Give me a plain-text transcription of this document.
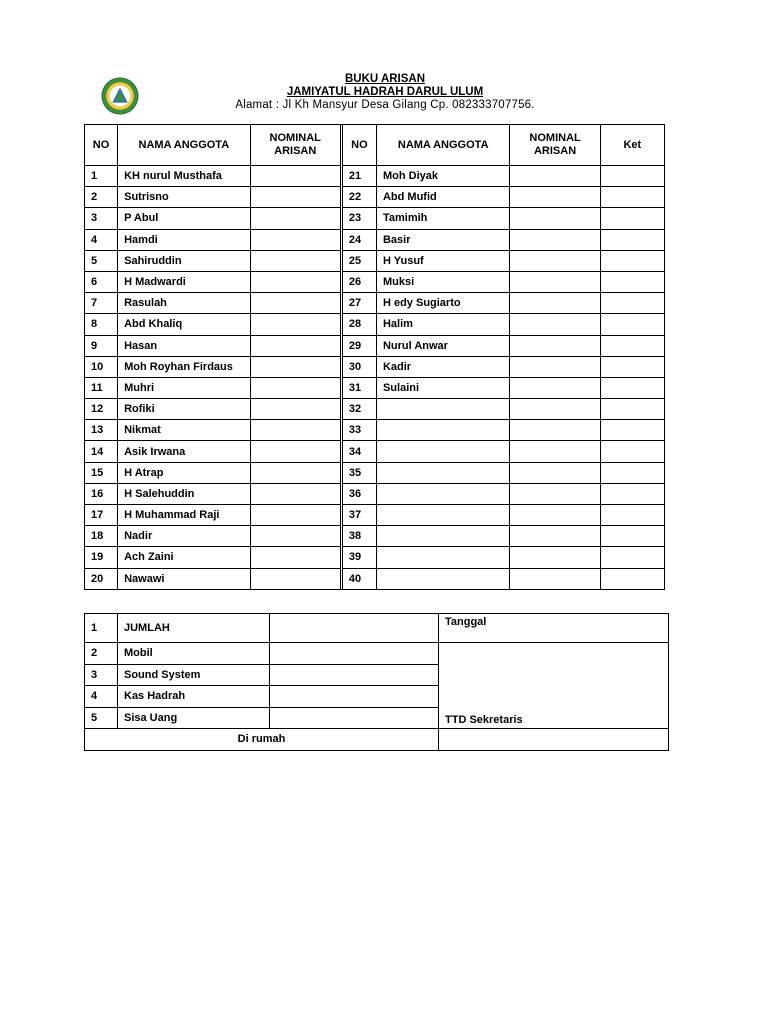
BUKU ARISAN
JAMIYATUL HADRAH DARUL ULUM
Alamat : Jl Kh Mansyur Desa Gilang Cp. 082333707756.
NO	NAMA ANGGOTA	NOMINAL ARISAN		NO	NAMA ANGGOTA	NOMINAL ARISAN	Ket
1	KH nurul Musthafa			21	Moh Diyak		
2	Sutrisno			22	Abd Mufid		
3	P Abul			23	Tamimih		
4	Hamdi			24	Basir		
5	Sahiruddin			25	H Yusuf		
6	H Madwardi			26	Muksi		
7	Rasulah			27	H edy Sugiarto		
8	Abd Khaliq			28	Halim		
9	Hasan			29	Nurul Anwar		
10	Moh Royhan Firdaus			30	Kadir		
11	Muhri			31	Sulaini		
12	Rofiki			32			
13	Nikmat			33			
14	Asik Irwana			34			
15	H Atrap			35			
16	H Salehuddin			36			
17	H Muhammad Raji			37			
18	Nadir			38			
19	Ach Zaini			39			
20	Nawawi			40			
1	JUMLAH		Tanggal
2	Mobil		TTD Sekretaris
3	Sound System		
4	Kas Hadrah		
5	Sisa Uang		
Di rumah			
